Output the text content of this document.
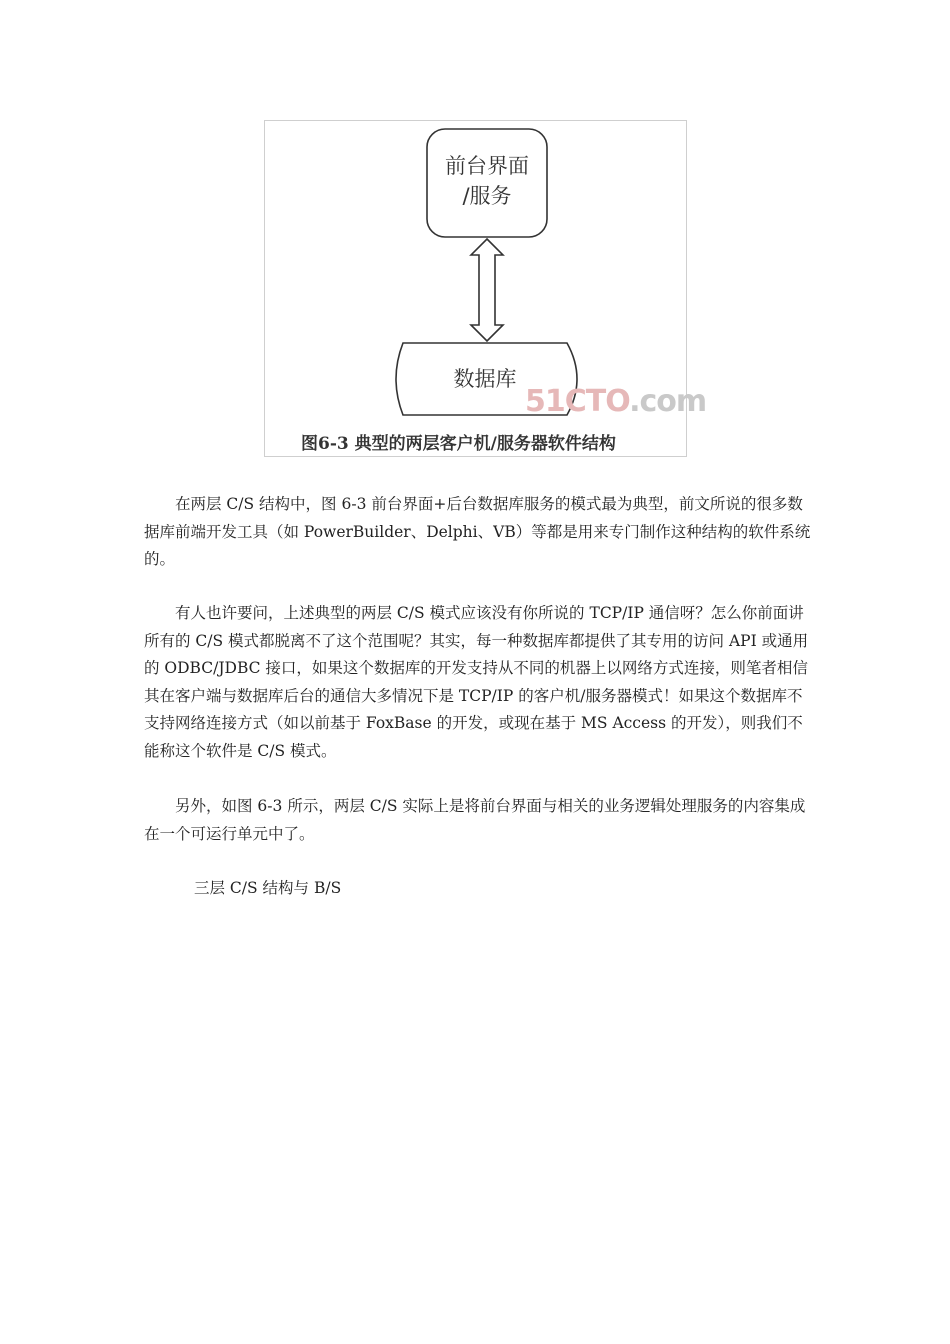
前台界面
/服务
数据库
51CTO.com
图6-3 典型的两层客户机/服务器软件结构

在两层 C/S 结构中，图 6-3 前台界面+后台数据库服务的模式最为典型，前文所说的很多数据库前端开发工具（如 PowerBuilder、Delphi、VB）等都是用来专门制作这种结构的软件系统的。

有人也许要问，上述典型的两层 C/S 模式应该没有你所说的 TCP/IP 通信呀？怎么你前面讲所有的 C/S 模式都脱离不了这个范围呢？其实，每一种数据库都提供了其专用的访问 API 或通用的 ODBC/JDBC 接口，如果这个数据库的开发支持从不同的机器上以网络方式连接，则笔者相信其在客户端与数据库后台的通信大多情况下是 TCP/IP 的客户机/服务器模式！如果这个数据库不支持网络连接方式（如以前基于 FoxBase 的开发，或现在基于 MS Access 的开发），则我们不能称这个软件是 C/S 模式。

另外，如图 6-3 所示，两层 C/S 实际上是将前台界面与相关的业务逻辑处理服务的内容集成在一个可运行单元中了。

三层 C/S 结构与 B/S
